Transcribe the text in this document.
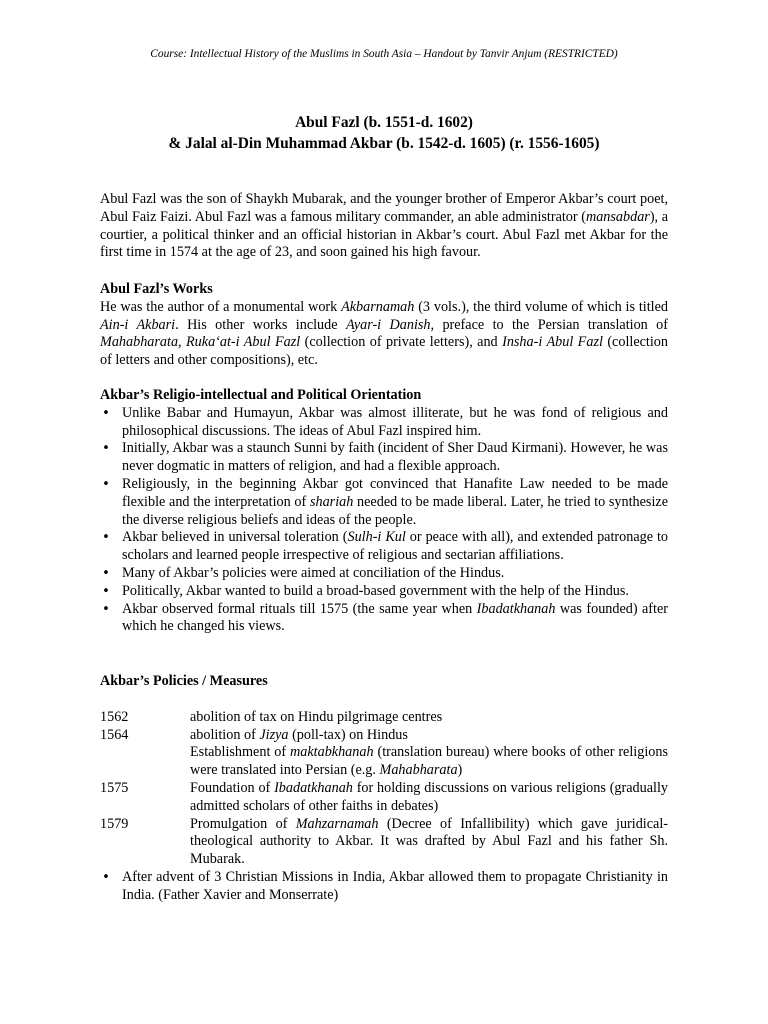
Course: Intellectual History of the Muslims in South Asia – Handout by Tanvir Anjum (RESTRICTED)
Abul Fazl (b. 1551-d. 1602)
& Jalal al-Din Muhammad Akbar (b. 1542-d. 1605) (r. 1556-1605)
Abul Fazl was the son of Shaykh Mubarak, and the younger brother of Emperor Akbar’s court poet, Abul Faiz Faizi. Abul Fazl was a famous military commander, an able administrator (mansabdar), a courtier, a political thinker and an official historian in Akbar’s court. Abul Fazl met Akbar for the first time in 1574 at the age of 23, and soon gained his high favour.
Abul Fazl’s Works

He was the author of a monumental work Akbarnamah (3 vols.), the third volume of which is titled Ain-i Akbari. His other works include Ayar-i Danish, preface to the Persian translation of Mahabharata, Ruka‘at-i Abul Fazl (collection of private letters), and Insha-i Abul Fazl (collection of letters and other compositions), etc.

Akbar’s Religio-intellectual and Political Orientation
• Unlike Babar and Humayun, Akbar was almost illiterate, but he was fond of religious and philosophical discussions. The ideas of Abul Fazl inspired him.
• Initially, Akbar was a staunch Sunni by faith (incident of Sher Daud Kirmani). However, he was never dogmatic in matters of religion, and had a flexible approach.
• Religiously, in the beginning Akbar got convinced that Hanafite Law needed to be made flexible and the interpretation of shariah needed to be made liberal. Later, he tried to synthesize the diverse religious beliefs and ideas of the people.
• Akbar believed in universal toleration (Sulh-i Kul or peace with all), and extended patronage to scholars and learned people irrespective of religious and sectarian affiliations.
• Many of Akbar’s policies were aimed at conciliation of the Hindus.
• Politically, Akbar wanted to build a broad-based government with the help of the Hindus.
• Akbar observed formal rituals till 1575 (the same year when Ibadatkhanah was founded) after which he changed his views.
Akbar’s Policies / Measures
1562	abolition of tax on Hindu pilgrimage centres
1564	abolition of Jizya (poll-tax) on Hindus
Establishment of maktabkhanah (translation bureau) where books of other religions were translated into Persian (e.g. Mahabharata)
1575	Foundation of Ibadatkhanah for holding discussions on various religions (gradually admitted scholars of other faiths in debates)
1579	Promulgation of Mahzarnamah (Decree of Infallibility) which gave juridical-theological authority to Akbar. It was drafted by Abul Fazl and his father Sh. Mubarak.
• After advent of 3 Christian Missions in India, Akbar allowed them to propagate Christianity in India. (Father Xavier and Monserrate)
